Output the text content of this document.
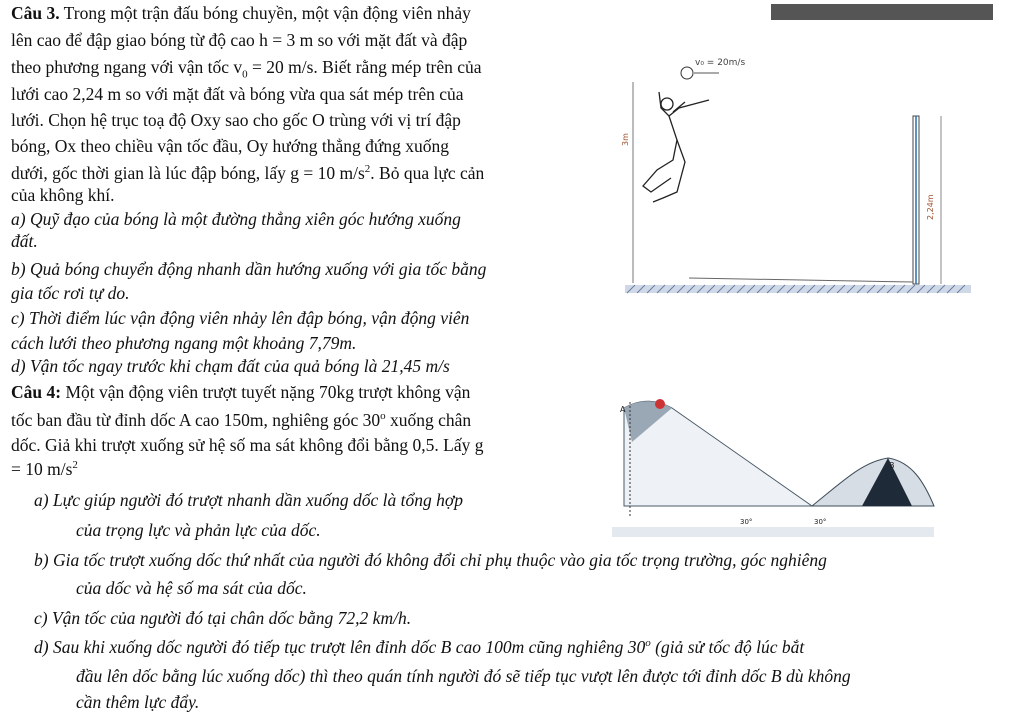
Câu 3. Trong một trận đấu bóng chuyền, một vận động viên nhảy
lên cao để đập giao bóng từ độ cao h = 3 m so với mặt đất và đập
theo phương ngang với vận tốc $v_0 = 20$ m/s. Biết rằng mép trên của
lưới cao 2,24 m so với mặt đất và bóng vừa qua sát mép trên của
lưới. Chọn hệ trục toạ độ Oxy sao cho gốc O trùng với vị trí đập
bóng, Ox theo chiều vận tốc đầu, Oy hướng thẳng đứng xuống
dưới, gốc thời gian là lúc đập bóng, lấy g = 10 $m/s^2$. Bỏ qua lực cản
của không khí.
a) Quỹ đạo của bóng là một đường thẳng xiên góc hướng xuống
đất.
b) Quả bóng chuyển động nhanh dần hướng xuống với gia tốc bằng
gia tốc rơi tự do.
c) Thời điểm lúc vận động viên nhảy lên đập bóng, vận động viên
cách lưới theo phương ngang một khoảng 7,79m.
d) Vận tốc ngay trước khi chạm đất của quả bóng là 21,45 m/s
v₀ = 20m/s
3m
2,24m
Câu 4: Một vận động viên trượt tuyết nặng 70kg trượt không vận
tốc ban đầu từ đỉnh dốc A cao 150m, nghiêng góc 30$^o$ xuống chân
dốc. Giả khi trượt xuống sử hệ số ma sát không đổi bằng 0,5. Lấy g
= 10 $m/s^2$
a) Lực giúp người đó trượt nhanh dần xuống dốc là tổng hợp
của trọng lực và phản lực của dốc.
b) Gia tốc trượt xuống dốc thứ nhất của người đó không đổi chỉ phụ thuộc vào gia tốc trọng trường, góc nghiêng
của dốc và hệ số ma sát của dốc.
c) Vận tốc của người đó tại chân dốc bằng 72,2 km/h.
d) Sau khi xuống dốc người đó tiếp tục trượt lên đỉnh dốc B cao 100m cũng nghiêng 30$^o$ (giả sử tốc độ lúc bắt
đầu lên dốc bằng lúc xuống dốc) thì theo quán tính người đó sẽ tiếp tục vượt lên được tới đỉnh dốc B dù không
cần thêm lực đẩy.
A
B
30°	30°
